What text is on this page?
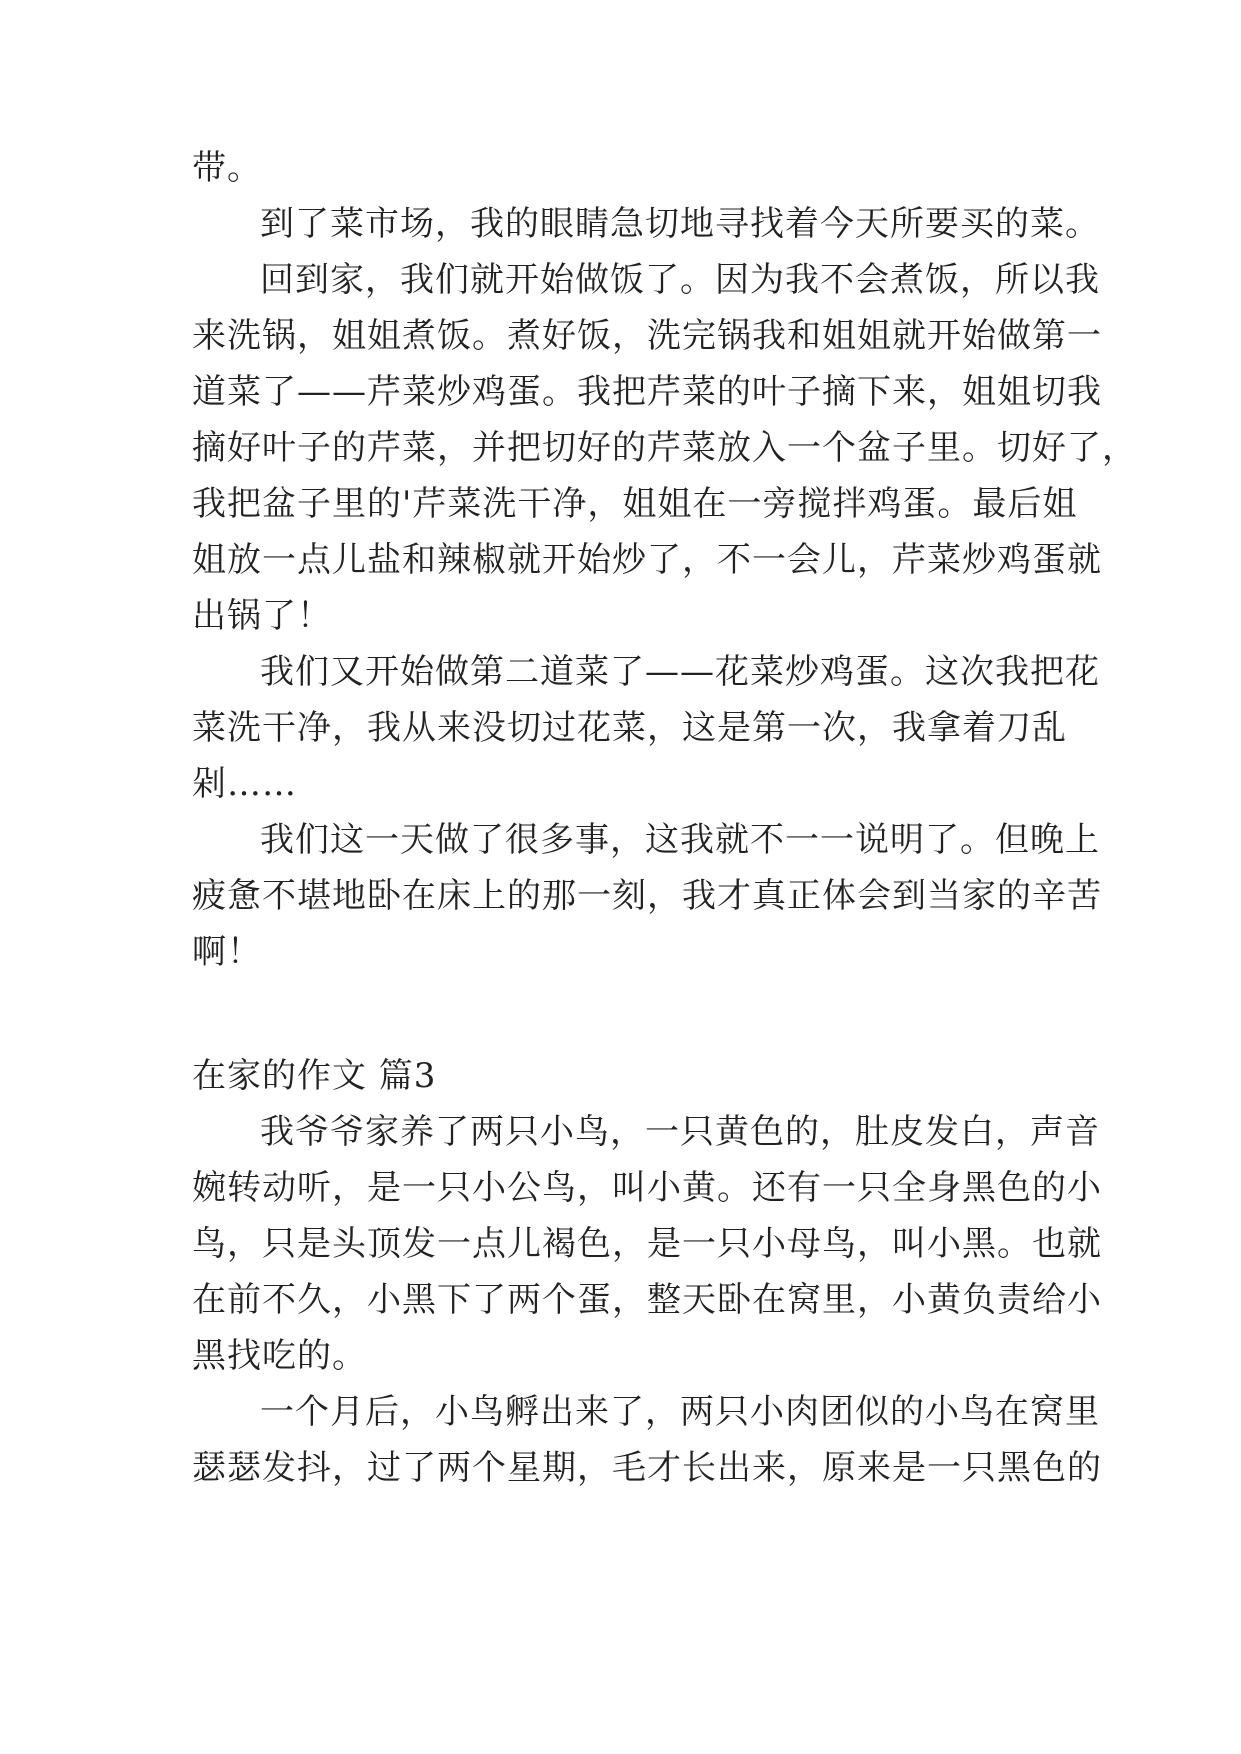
带。
到了菜市场，我的眼睛急切地寻找着今天所要买的菜。
回到家，我们就开始做饭了。因为我不会煮饭，所以我
来洗锅，姐姐煮饭。煮好饭，洗完锅我和姐姐就开始做第一
道菜了——芹菜炒鸡蛋。我把芹菜的叶子摘下来，姐姐切我
摘好叶子的芹菜，并把切好的芹菜放入一个盆子里。切好了，
我把盆子里的'芹菜洗干净，姐姐在一旁搅拌鸡蛋。最后姐
姐放一点儿盐和辣椒就开始炒了，不一会儿，芹菜炒鸡蛋就
出锅了！
我们又开始做第二道菜了——花菜炒鸡蛋。这次我把花
菜洗干净，我从来没切过花菜，这是第一次，我拿着刀乱
剁……
我们这一天做了很多事，这我就不一一说明了。但晚上
疲惫不堪地卧在床上的那一刻，我才真正体会到当家的辛苦
啊！
在家的作文 篇3
我爷爷家养了两只小鸟，一只黄色的，肚皮发白，声音
婉转动听，是一只小公鸟，叫小黄。还有一只全身黑色的小
鸟，只是头顶发一点儿褐色，是一只小母鸟，叫小黑。也就
在前不久，小黑下了两个蛋，整天卧在窝里，小黄负责给小
黑找吃的。
一个月后，小鸟孵出来了，两只小肉团似的小鸟在窝里
瑟瑟发抖，过了两个星期，毛才长出来，原来是一只黑色的
